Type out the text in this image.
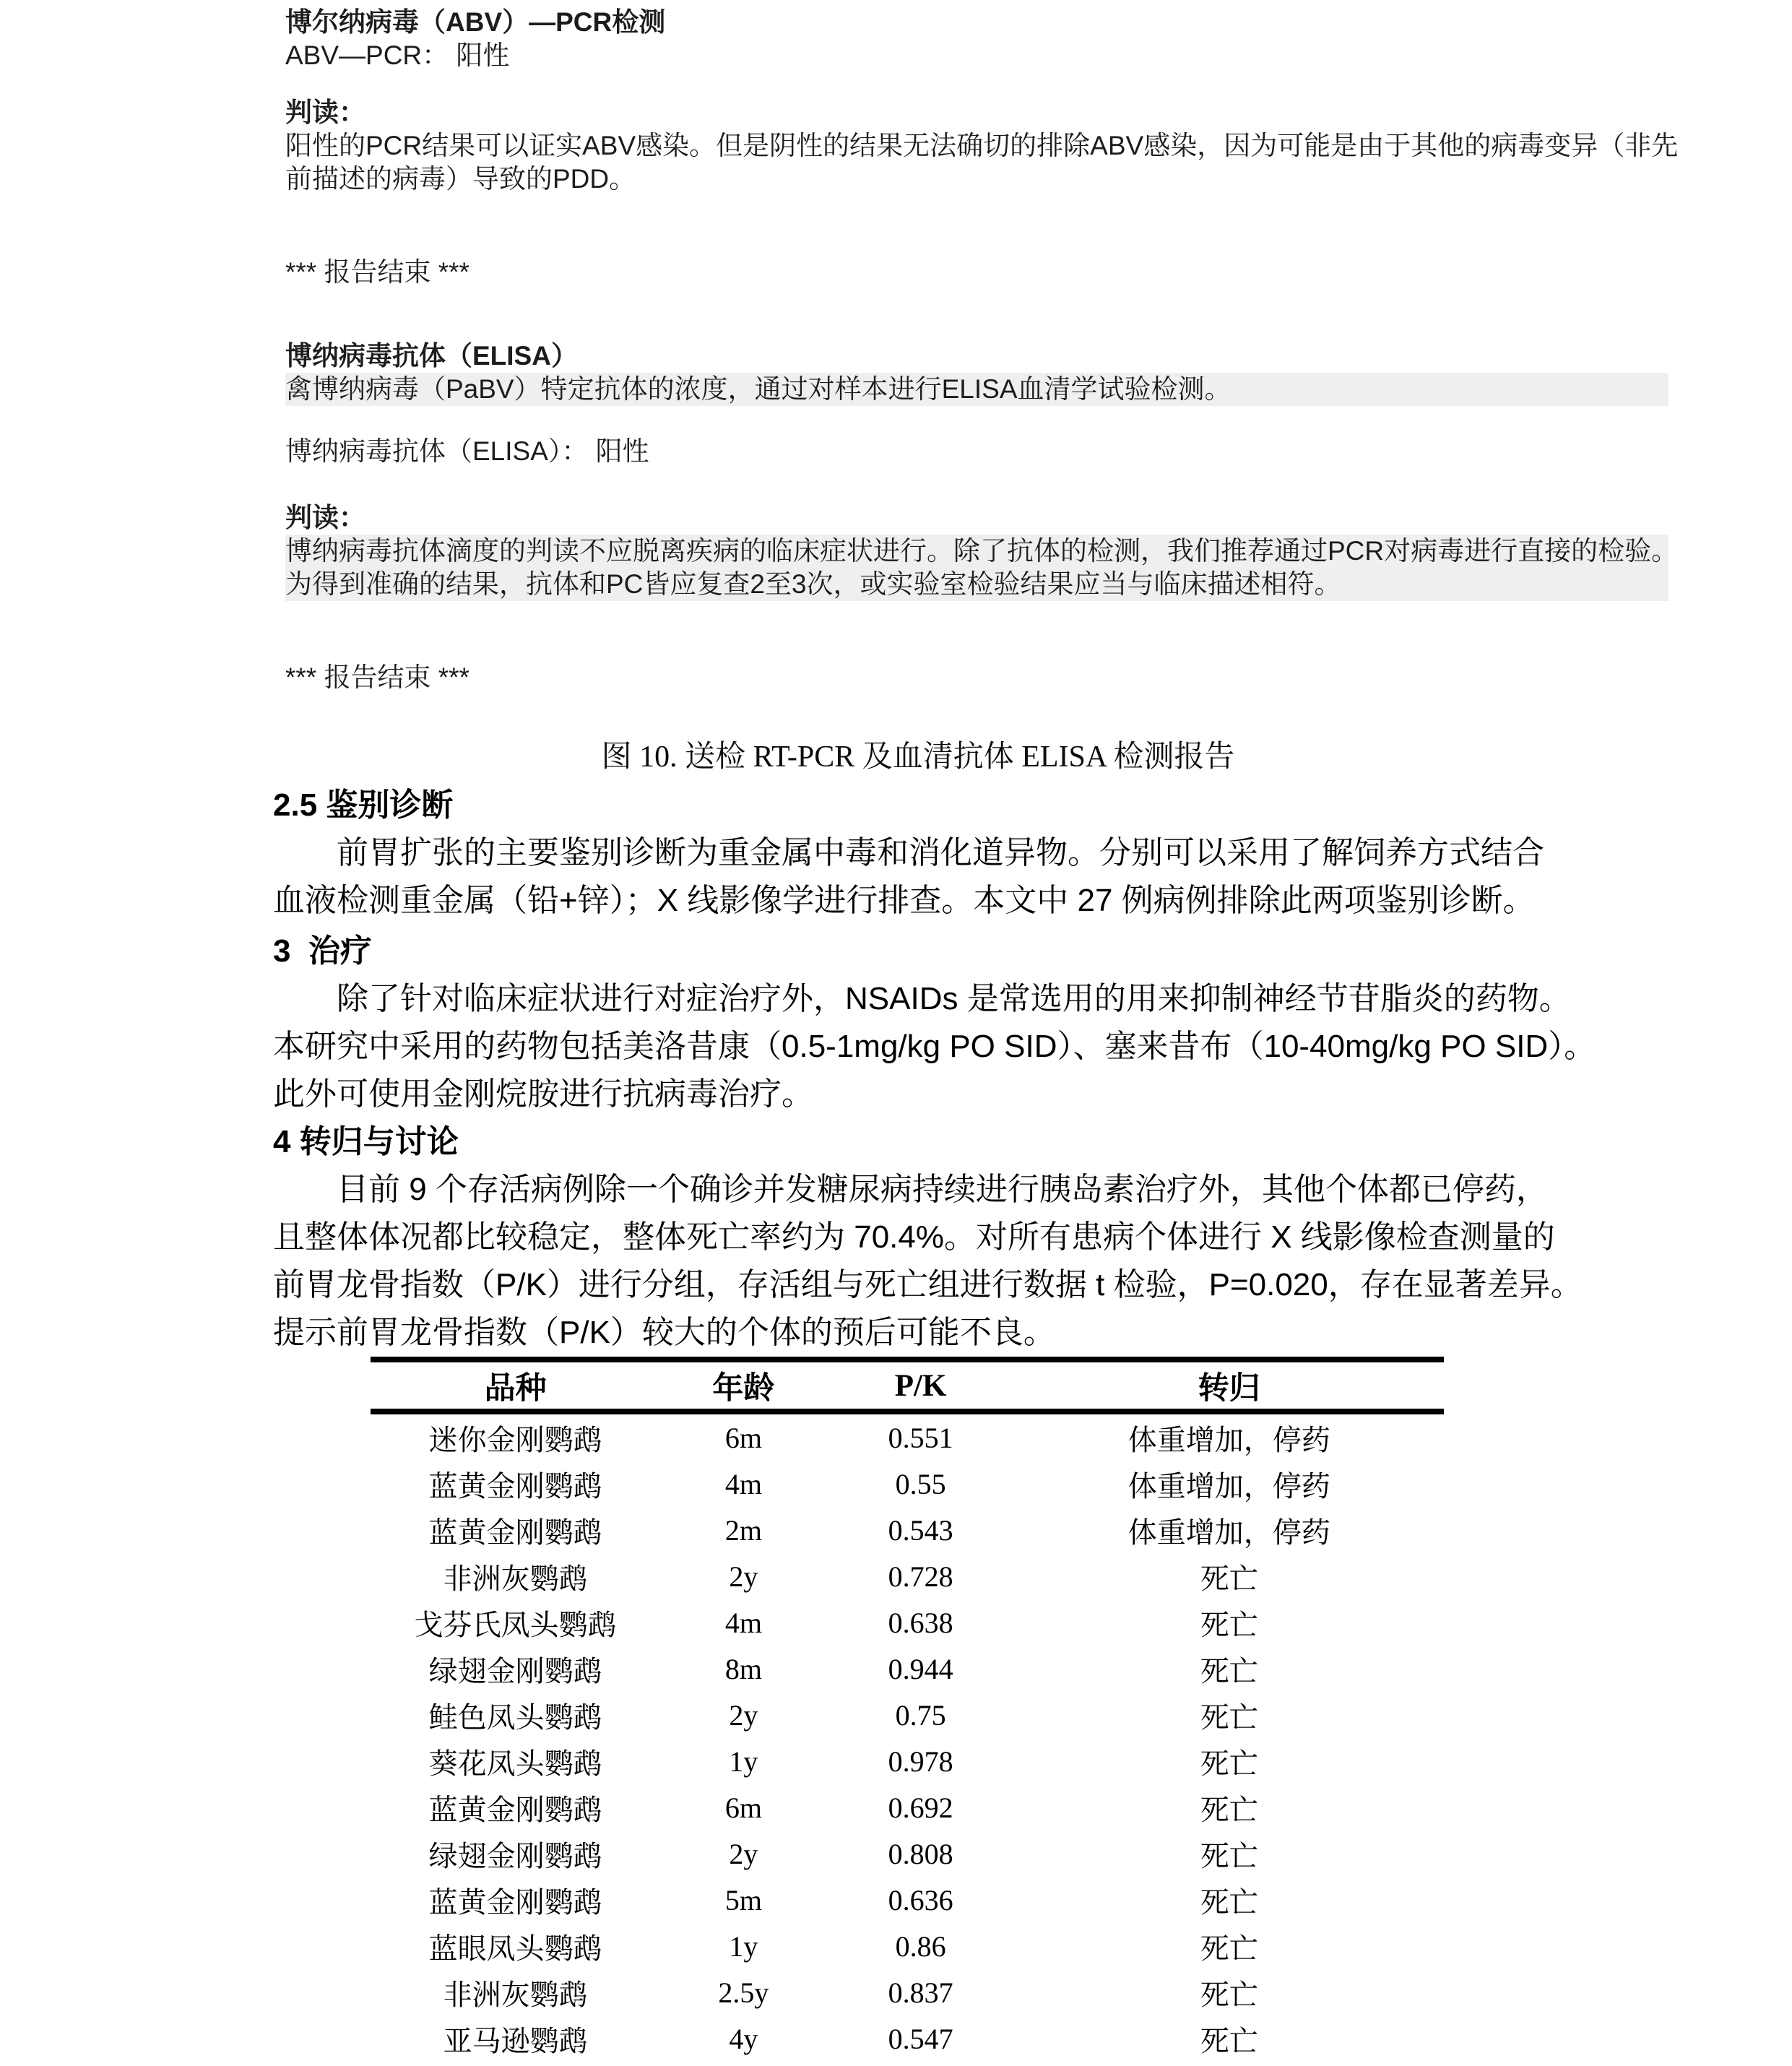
博尔纳病毒（ABV）—PCR检测
ABV—PCR： 阳性
判读：
阳性的PCR结果可以证实ABV感染。但是阴性的结果无法确切的排除ABV感染，因为可能是由于其他的病毒变异（非先
前描述的病毒）导致的PDD。
*** 报告结束 ***
博纳病毒抗体（ELISA）
禽博纳病毒（PaBV）特定抗体的浓度，通过对样本进行ELISA血清学试验检测。
博纳病毒抗体（ELISA）： 阳性
判读：
博纳病毒抗体滴度的判读不应脱离疾病的临床症状进行。除了抗体的检测，我们推荐通过PCR对病毒进行直接的检验。
为得到准确的结果，抗体和PC皆应复查2至3次，或实验室检验结果应当与临床描述相符。
*** 报告结束 ***
图 10. 送检 RT-PCR 及血清抗体 ELISA 检测报告
2.5 鉴别诊断
前胃扩张的主要鉴别诊断为重金属中毒和消化道异物。分别可以采用了解饲养方式结合
血液检测重金属（铅+锌）；X 线影像学进行排查。本文中 27 例病例排除此两项鉴别诊断。
3  治疗
除了针对临床症状进行对症治疗外，NSAIDs 是常选用的用来抑制神经节苷脂炎的药物。
本研究中采用的药物包括美洛昔康（0.5-1mg/kg PO SID）、塞来昔布（10-40mg/kg PO SID）。
此外可使用金刚烷胺进行抗病毒治疗。
4 转归与讨论
目前 9 个存活病例除一个确诊并发糖尿病持续进行胰岛素治疗外，其他个体都已停药，
且整体体况都比较稳定，整体死亡率约为 70.4%。对所有患病个体进行 X 线影像检查测量的
前胃龙骨指数（P/K）进行分组，存活组与死亡组进行数据 t 检验，P=0.020，存在显著差异。
提示前胃龙骨指数（P/K）较大的个体的预后可能不良。
品种	年龄	P/K	转归
迷你金刚鹦鹉	6m	0.551	体重增加，停药
蓝黄金刚鹦鹉	4m	0.55	体重增加，停药
蓝黄金刚鹦鹉	2m	0.543	体重增加，停药
非洲灰鹦鹉	2y	0.728	死亡
戈芬氏凤头鹦鹉	4m	0.638	死亡
绿翅金刚鹦鹉	8m	0.944	死亡
鲑色凤头鹦鹉	2y	0.75	死亡
葵花凤头鹦鹉	1y	0.978	死亡
蓝黄金刚鹦鹉	6m	0.692	死亡
绿翅金刚鹦鹉	2y	0.808	死亡
蓝黄金刚鹦鹉	5m	0.636	死亡
蓝眼凤头鹦鹉	1y	0.86	死亡
非洲灰鹦鹉	2.5y	0.837	死亡
亚马逊鹦鹉	4y	0.547	死亡
